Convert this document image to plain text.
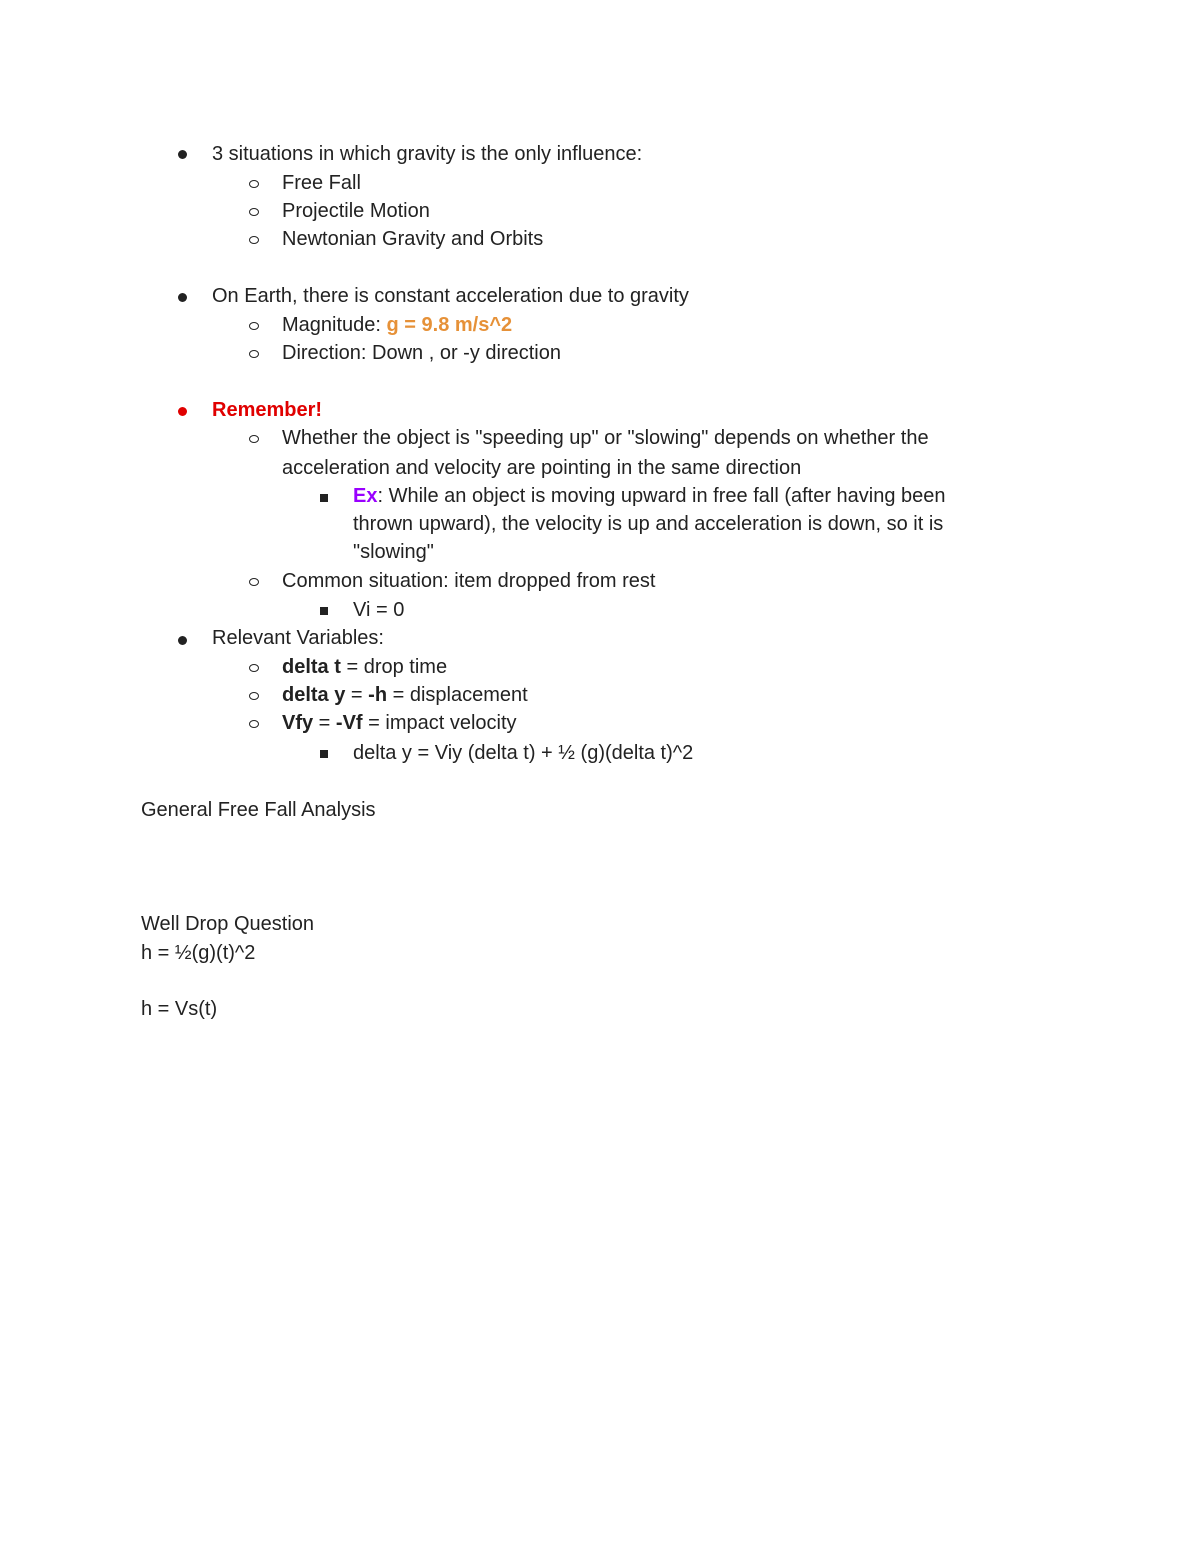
3 situations in which gravity is the only influence:
Free Fall
Projectile Motion
Newtonian Gravity and Orbits
On Earth, there is constant acceleration due to gravity
Magnitude: g = 9.8 m/s^2
Direction: Down , or -y direction
Remember!
Whether the object is "speeding up" or "slowing" depends on whether the
acceleration and velocity are pointing in the same direction
Ex: While an object is moving upward in free fall (after having been
thrown upward), the velocity is up and acceleration is down, so it is
"slowing"
Common situation: item dropped from rest
Vi = 0
Relevant Variables:
delta t = drop time
delta y = -h = displacement
Vfy = -Vf = impact velocity
delta y = Viy (delta t) + ½ (g)(delta t)^2
General Free Fall Analysis
Well Drop Question
h = ½(g)(t)^2
h = Vs(t)
